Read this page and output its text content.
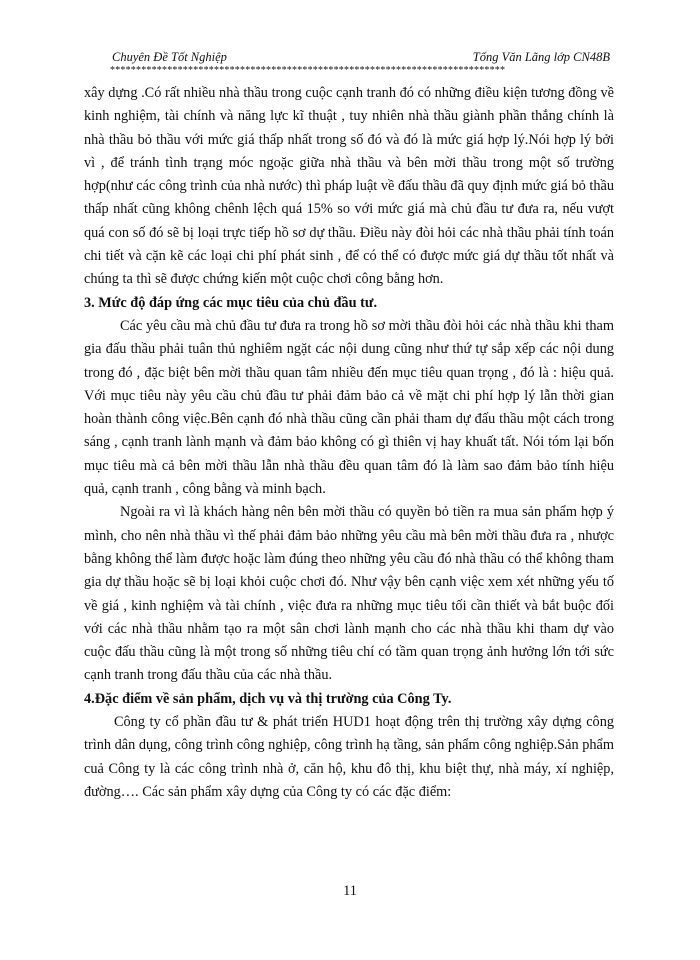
Chuyên Đề Tốt Nghiệp	Tống Văn Lãng lớp CN48B
****************************************************************************

xây dựng .Có rất nhiều nhà thầu trong cuộc cạnh tranh đó có những điều kiện tương đồng về kinh nghiệm, tài chính và năng lực kĩ thuật , tuy nhiên nhà thầu giành phần thắng chính là nhà thầu bỏ thầu với mức giá thấp nhất trong số đó và đó là mức giá hợp lý.Nói hợp lý bởi vì , để tránh tình trạng móc ngoặc giữa nhà thầu và bên mời thầu trong một số trường hợp(như các công trình của nhà nước) thì pháp luật về đấu thầu đã quy định mức giá bỏ thầu thấp nhất cũng không chênh lệch quá 15% so với mức giá mà chủ đầu tư đưa ra, nếu vượt quá con số đó sẽ bị loại trực tiếp hồ sơ dự thầu. Điều này đòi hỏi các nhà thầu phải tính toán chi tiết và cặn kẽ các loại chi phí phát sinh , để có thể có được mức giá dự thầu tốt nhất và chúng ta thì sẽ được chứng kiến một cuộc chơi công bằng hơn.

3. Mức độ đáp ứng các mục tiêu của chủ đầu tư.

Các yêu cầu mà chủ đầu tư đưa ra trong hồ sơ mời thầu đòi hỏi các nhà thầu khi tham gia đấu thầu phải tuân thủ nghiêm ngặt các nội dung cũng như thứ tự sắp xếp các nội dung trong đó , đặc biệt bên mời thầu quan tâm nhiều đến mục tiêu quan trọng , đó là : hiệu quả. Với mục tiêu này yêu cầu chủ đầu tư phải đảm bảo cả về mặt chi phí hợp lý lẫn thời gian hoàn thành công việc.Bên cạnh đó nhà thầu cũng cần phải tham dự đấu thầu một cách trong sáng , cạnh tranh lành mạnh và đảm bảo không có gì thiên vị hay khuất tất. Nói tóm lại bốn mục tiêu mà cả bên mời thầu lẫn nhà thầu đều quan tâm đó là làm sao đảm bảo tính hiệu quả, cạnh tranh , công bằng và minh bạch.

Ngoài ra vì là khách hàng nên bên mời thầu có quyền bỏ tiền ra mua sản phẩm hợp ý mình, cho nên nhà thầu vì thế phải đảm bảo những yêu cầu mà bên mời thầu đưa ra , nhược bằng không thể làm được hoặc làm đúng theo những yêu cầu đó nhà thầu có thể không tham gia dự thầu hoặc sẽ bị loại khỏi cuộc chơi đó. Như vậy bên cạnh việc xem xét những yếu tố về giá , kinh nghiệm và tài chính , việc đưa ra những mục tiêu tối cần thiết và bắt buộc đối với các nhà thầu nhằm tạo ra một sân chơi lành mạnh cho các nhà thầu khi tham dự vào cuộc đấu thầu cũng là một trong số những tiêu chí có tầm quan trọng ảnh hưởng lớn tới sức cạnh tranh trong đấu thầu của các nhà thầu.

4.Đặc điểm về sản phẩm, dịch vụ và thị trường của Công Ty.

Công ty cổ phần đầu tư & phát triển HUD1 hoạt động trên thị trường xây dựng công trình dân dụng, công trình công nghiệp, công trình hạ tầng, sản phẩm công nghiệp.Sản phẩm cuả Công ty là các công trình nhà ở, căn hộ, khu đô thị, khu biệt thự, nhà máy, xí nghiệp, đường…. Các sản phẩm xây dựng của Công ty có các đặc điểm:

11
